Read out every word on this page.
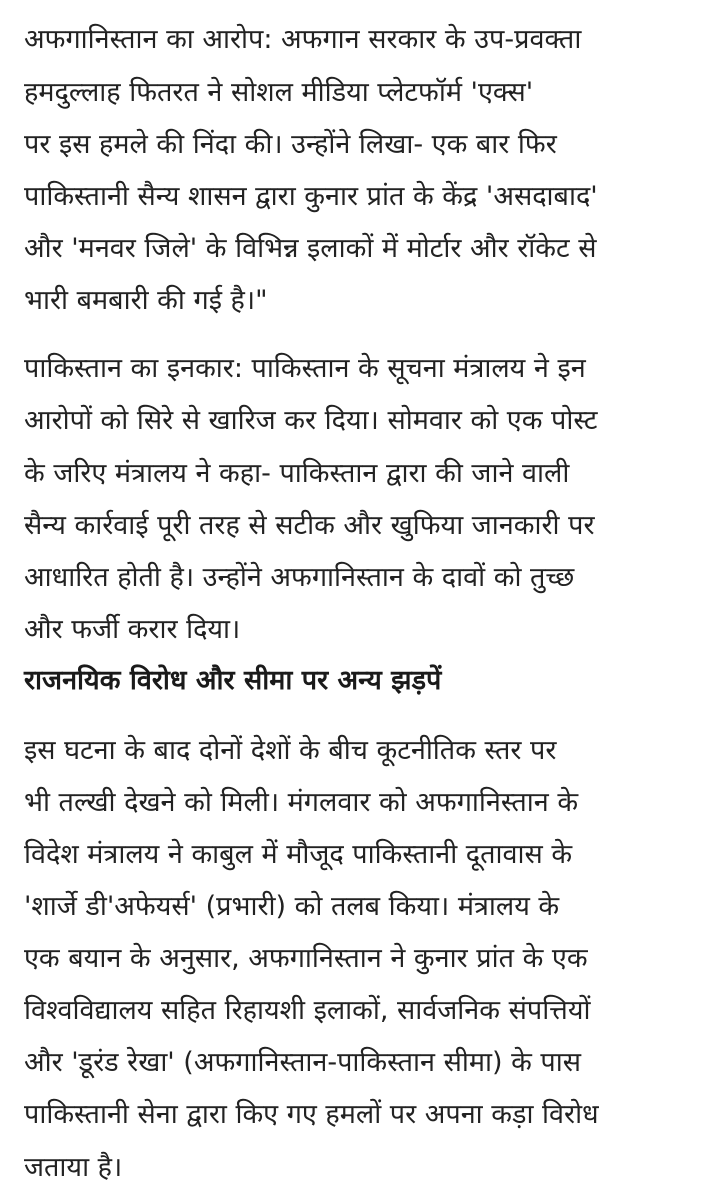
अफगानिस्तान का आरोप: अफगान सरकार के उप-प्रवक्ता
हमदुल्लाह फितरत ने सोशल मीडिया प्लेटफॉर्म 'एक्स'
पर इस हमले की निंदा की। उन्होंने लिखा- एक बार फिर
पाकिस्तानी सैन्य शासन द्वारा कुनार प्रांत के केंद्र 'असदाबाद'
और 'मनवर जिले' के विभिन्न इलाकों में मोर्टार और रॉकेट से
भारी बमबारी की गई है।"
पाकिस्तान का इनकार: पाकिस्तान के सूचना मंत्रालय ने इन
आरोपों को सिरे से खारिज कर दिया। सोमवार को एक पोस्ट
के जरिए मंत्रालय ने कहा- पाकिस्तान द्वारा की जाने वाली
सैन्य कार्रवाई पूरी तरह से सटीक और खुफिया जानकारी पर
आधारित होती है। उन्होंने अफगानिस्तान के दावों को तुच्छ
और फर्जी करार दिया।
राजनयिक विरोध और सीमा पर अन्य झड़पें
इस घटना के बाद दोनों देशों के बीच कूटनीतिक स्तर पर
भी तल्खी देखने को मिली। मंगलवार को अफगानिस्तान के
विदेश मंत्रालय ने काबुल में मौजूद पाकिस्तानी दूतावास के
'शार्जे डी'अफेयर्स' (प्रभारी) को तलब किया। मंत्रालय के
एक बयान के अनुसार, अफगानिस्तान ने कुनार प्रांत के एक
विश्वविद्यालय सहित रिहायशी इलाकों, सार्वजनिक संपत्तियों
और 'डूरंड रेखा' (अफगानिस्तान-पाकिस्तान सीमा) के पास
पाकिस्तानी सेना द्वारा किए गए हमलों पर अपना कड़ा विरोध
जताया है।
